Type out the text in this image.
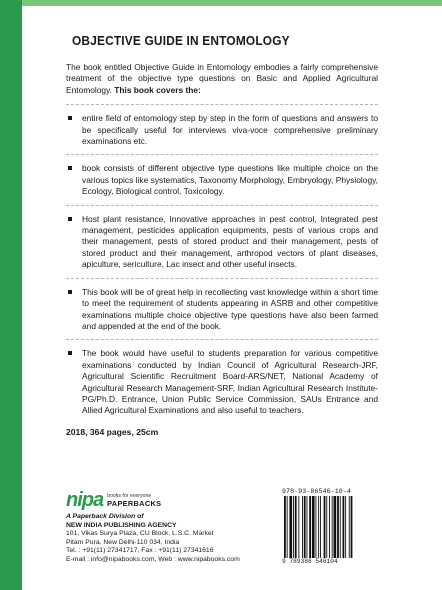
OBJECTIVE GUIDE IN ENTOMOLOGY

The book entitled Objective Guide in Entomology embodies a fairly comprehensive treatment of the objective type questions on Basic and Applied Agricultural Entomology. This book covers the:

entire field of entomology step by step in the form of questions and answers to be specifically useful for interviews viva-voce comprehensive preliminary examinations etc.
book consists of different objective type questions like multiple choice on the various topics like systematics, Taxonomy Morphology, Embryology, Physiology, Ecology, Biological control, Toxicology.
Host plant resistance, Innovative approaches in pest control, Integrated pest management, pesticides application equipments, pests of various crops and their management, pests of stored product and their management, pests of stored product and their management, arthropod vectors of plant diseases, apiculture, sericulture, Lac insect and other useful insects.
This book will be of great help in recollecting vast knowledge within a short time to meet the requirement of students appearing in ASRB and other competitive examinations multiple choice objective type questions have also been farmed and appended at the end of the book.
The book would have useful to students preparation for various competitive examinations conducted by Indian Council of Agricultural Research-JRF, Agricultural Scientific Recruitment Board-ARS/NET, National Academy of Agricultural Research Management-SRF, Indian Agricultural Research Institute- PG/Ph.D. Entrance, Union Public Service Commission, SAUs Entrance and Allied Agricultural Examinations and also useful to teachers.
2018, 364 pages, 25cm
nipa books for everyone
PAPERBACKS
A Paperback Division of
NEW INDIA PUBLISHING AGENCY
101, Vikas Surya Plaza, CU Block, L.S.C. Market
Pitam Pura, New Delhi-110 034, India
Tel. : +91(11) 27341717, Fax : +91(11) 27341616
E-mail : info@nipabooks.com, Web : www.nipabooks.com
978-93-86546-10-4
9 789386 546104
